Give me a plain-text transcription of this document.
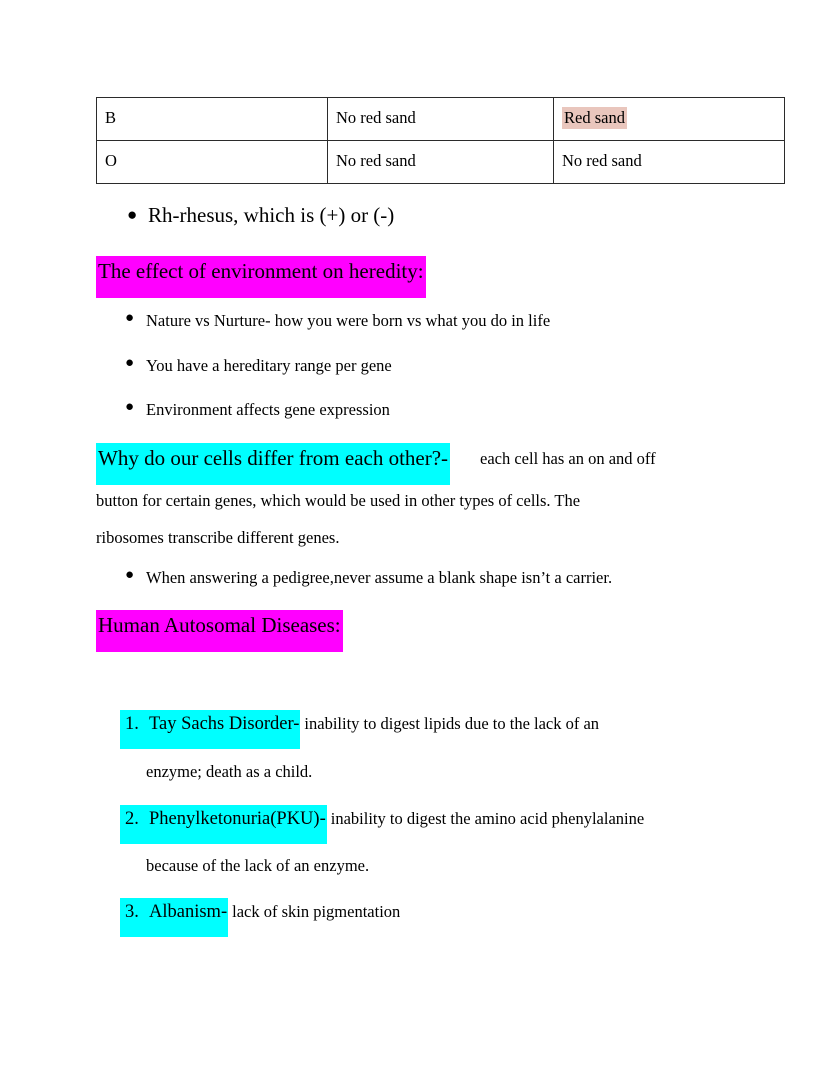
B	No red sand	Red sand
O	No red sand	No red sand
● Rh-rhesus, which is (+) or (-)
The effect of environment on heredity:
● Nature vs Nurture- how you were born vs what you do in life
● You have a hereditary range per gene
● Environment affects gene expression
Why do our cells differ from each other?- each cell has an on and off
button for certain genes, which would be used in other types of cells. The
ribosomes transcribe different genes.
● When answering a pedigree,never assume a blank shape isn’t a carrier.
Human Autosomal Diseases:
1. Tay Sachs Disorder- inability to digest lipids due to the lack of an
enzyme; death as a child.
2. Phenylketonuria(PKU)- inability to digest the amino acid phenylalanine
because of the lack of an enzyme.
3. Albanism- lack of skin pigmentation
